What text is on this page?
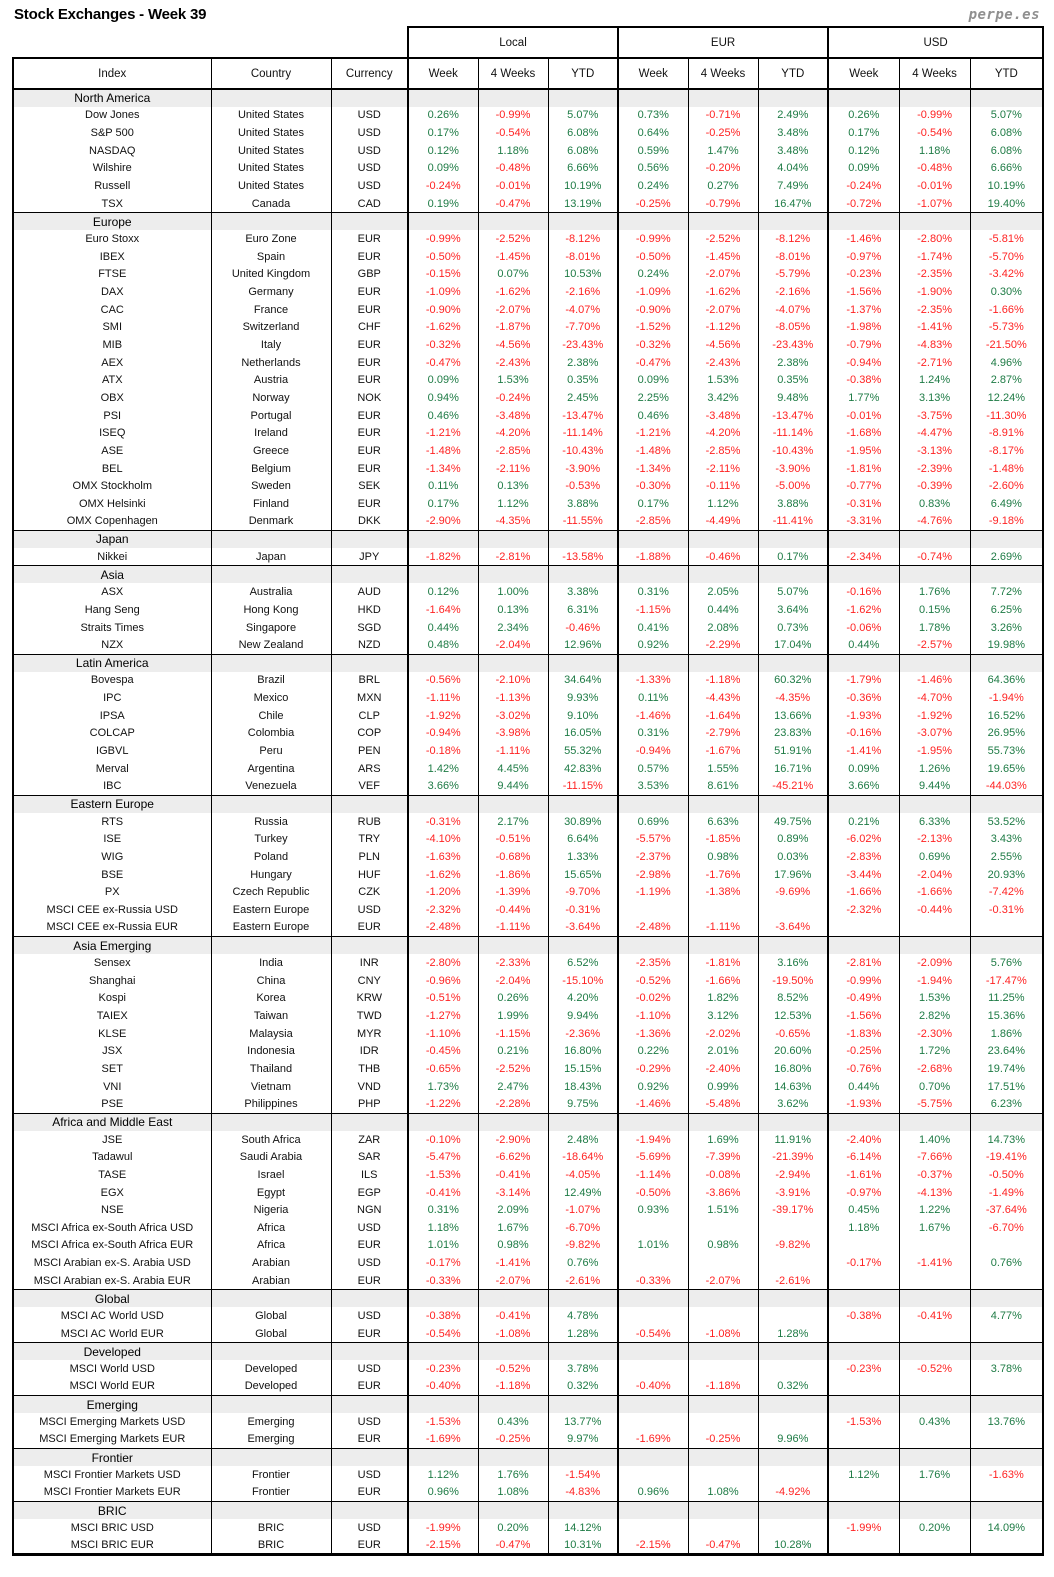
Stock Exchanges - Week 39	perpe.es
			Local			EUR			USD		
Index	Country	Currency	Week	4 Weeks	YTD	Week	4 Weeks	YTD	Week	4 Weeks	YTD
North America											
Dow Jones	United States	USD	0.26%	-0.99%	5.07%	0.73%	-0.71%	2.49%	0.26%	-0.99%	5.07%
S&P 500	United States	USD	0.17%	-0.54%	6.08%	0.64%	-0.25%	3.48%	0.17%	-0.54%	6.08%
NASDAQ	United States	USD	0.12%	1.18%	6.08%	0.59%	1.47%	3.48%	0.12%	1.18%	6.08%
Wilshire	United States	USD	0.09%	-0.48%	6.66%	0.56%	-0.20%	4.04%	0.09%	-0.48%	6.66%
Russell	United States	USD	-0.24%	-0.01%	10.19%	0.24%	0.27%	7.49%	-0.24%	-0.01%	10.19%
TSX	Canada	CAD	0.19%	-0.47%	13.19%	-0.25%	-0.79%	16.47%	-0.72%	-1.07%	19.40%
Europe											
Euro Stoxx	Euro Zone	EUR	-0.99%	-2.52%	-8.12%	-0.99%	-2.52%	-8.12%	-1.46%	-2.80%	-5.81%
IBEX	Spain	EUR	-0.50%	-1.45%	-8.01%	-0.50%	-1.45%	-8.01%	-0.97%	-1.74%	-5.70%
FTSE	United Kingdom	GBP	-0.15%	0.07%	10.53%	0.24%	-2.07%	-5.79%	-0.23%	-2.35%	-3.42%
DAX	Germany	EUR	-1.09%	-1.62%	-2.16%	-1.09%	-1.62%	-2.16%	-1.56%	-1.90%	0.30%
CAC	France	EUR	-0.90%	-2.07%	-4.07%	-0.90%	-2.07%	-4.07%	-1.37%	-2.35%	-1.66%
SMI	Switzerland	CHF	-1.62%	-1.87%	-7.70%	-1.52%	-1.12%	-8.05%	-1.98%	-1.41%	-5.73%
MIB	Italy	EUR	-0.32%	-4.56%	-23.43%	-0.32%	-4.56%	-23.43%	-0.79%	-4.83%	-21.50%
AEX	Netherlands	EUR	-0.47%	-2.43%	2.38%	-0.47%	-2.43%	2.38%	-0.94%	-2.71%	4.96%
ATX	Austria	EUR	0.09%	1.53%	0.35%	0.09%	1.53%	0.35%	-0.38%	1.24%	2.87%
OBX	Norway	NOK	0.94%	-0.24%	2.45%	2.25%	3.42%	9.48%	1.77%	3.13%	12.24%
PSI	Portugal	EUR	0.46%	-3.48%	-13.47%	0.46%	-3.48%	-13.47%	-0.01%	-3.75%	-11.30%
ISEQ	Ireland	EUR	-1.21%	-4.20%	-11.14%	-1.21%	-4.20%	-11.14%	-1.68%	-4.47%	-8.91%
ASE	Greece	EUR	-1.48%	-2.85%	-10.43%	-1.48%	-2.85%	-10.43%	-1.95%	-3.13%	-8.17%
BEL	Belgium	EUR	-1.34%	-2.11%	-3.90%	-1.34%	-2.11%	-3.90%	-1.81%	-2.39%	-1.48%
OMX Stockholm	Sweden	SEK	0.11%	0.13%	-0.53%	-0.30%	-0.11%	-5.00%	-0.77%	-0.39%	-2.60%
OMX Helsinki	Finland	EUR	0.17%	1.12%	3.88%	0.17%	1.12%	3.88%	-0.31%	0.83%	6.49%
OMX Copenhagen	Denmark	DKK	-2.90%	-4.35%	-11.55%	-2.85%	-4.49%	-11.41%	-3.31%	-4.76%	-9.18%
Japan											
Nikkei	Japan	JPY	-1.82%	-2.81%	-13.58%	-1.88%	-0.46%	0.17%	-2.34%	-0.74%	2.69%
Asia											
ASX	Australia	AUD	0.12%	1.00%	3.38%	0.31%	2.05%	5.07%	-0.16%	1.76%	7.72%
Hang Seng	Hong Kong	HKD	-1.64%	0.13%	6.31%	-1.15%	0.44%	3.64%	-1.62%	0.15%	6.25%
Straits Times	Singapore	SGD	0.44%	2.34%	-0.46%	0.41%	2.08%	0.73%	-0.06%	1.78%	3.26%
NZX	New Zealand	NZD	0.48%	-2.04%	12.96%	0.92%	-2.29%	17.04%	0.44%	-2.57%	19.98%
Latin America											
Bovespa	Brazil	BRL	-0.56%	-2.10%	34.64%	-1.33%	-1.18%	60.32%	-1.79%	-1.46%	64.36%
IPC	Mexico	MXN	-1.11%	-1.13%	9.93%	0.11%	-4.43%	-4.35%	-0.36%	-4.70%	-1.94%
IPSA	Chile	CLP	-1.92%	-3.02%	9.10%	-1.46%	-1.64%	13.66%	-1.93%	-1.92%	16.52%
COLCAP	Colombia	COP	-0.94%	-3.98%	16.05%	0.31%	-2.79%	23.83%	-0.16%	-3.07%	26.95%
IGBVL	Peru	PEN	-0.18%	-1.11%	55.32%	-0.94%	-1.67%	51.91%	-1.41%	-1.95%	55.73%
Merval	Argentina	ARS	1.42%	4.45%	42.83%	0.57%	1.55%	16.71%	0.09%	1.26%	19.65%
IBC	Venezuela	VEF	3.66%	9.44%	-11.15%	3.53%	8.61%	-45.21%	3.66%	9.44%	-44.03%
Eastern Europe											
RTS	Russia	RUB	-0.31%	2.17%	30.89%	0.69%	6.63%	49.75%	0.21%	6.33%	53.52%
ISE	Turkey	TRY	-4.10%	-0.51%	6.64%	-5.57%	-1.85%	0.89%	-6.02%	-2.13%	3.43%
WIG	Poland	PLN	-1.63%	-0.68%	1.33%	-2.37%	0.98%	0.03%	-2.83%	0.69%	2.55%
BSE	Hungary	HUF	-1.62%	-1.86%	15.65%	-2.98%	-1.76%	17.96%	-3.44%	-2.04%	20.93%
PX	Czech Republic	CZK	-1.20%	-1.39%	-9.70%	-1.19%	-1.38%	-9.69%	-1.66%	-1.66%	-7.42%
MSCI CEE ex-Russia USD	Eastern Europe	USD	-2.32%	-0.44%	-0.31%				-2.32%	-0.44%	-0.31%
MSCI CEE ex-Russia EUR	Eastern Europe	EUR	-2.48%	-1.11%	-3.64%	-2.48%	-1.11%	-3.64%			
Asia Emerging											
Sensex	India	INR	-2.80%	-2.33%	6.52%	-2.35%	-1.81%	3.16%	-2.81%	-2.09%	5.76%
Shanghai	China	CNY	-0.96%	-2.04%	-15.10%	-0.52%	-1.66%	-19.50%	-0.99%	-1.94%	-17.47%
Kospi	Korea	KRW	-0.51%	0.26%	4.20%	-0.02%	1.82%	8.52%	-0.49%	1.53%	11.25%
TAIEX	Taiwan	TWD	-1.27%	1.99%	9.94%	-1.10%	3.12%	12.53%	-1.56%	2.82%	15.36%
KLSE	Malaysia	MYR	-1.10%	-1.15%	-2.36%	-1.36%	-2.02%	-0.65%	-1.83%	-2.30%	1.86%
JSX	Indonesia	IDR	-0.45%	0.21%	16.80%	0.22%	2.01%	20.60%	-0.25%	1.72%	23.64%
SET	Thailand	THB	-0.65%	-2.52%	15.15%	-0.29%	-2.40%	16.80%	-0.76%	-2.68%	19.74%
VNI	Vietnam	VND	1.73%	2.47%	18.43%	0.92%	0.99%	14.63%	0.44%	0.70%	17.51%
PSE	Philippines	PHP	-1.22%	-2.28%	9.75%	-1.46%	-5.48%	3.62%	-1.93%	-5.75%	6.23%
Africa and Middle East											
JSE	South Africa	ZAR	-0.10%	-2.90%	2.48%	-1.94%	1.69%	11.91%	-2.40%	1.40%	14.73%
Tadawul	Saudi Arabia	SAR	-5.47%	-6.62%	-18.64%	-5.69%	-7.39%	-21.39%	-6.14%	-7.66%	-19.41%
TASE	Israel	ILS	-1.53%	-0.41%	-4.05%	-1.14%	-0.08%	-2.94%	-1.61%	-0.37%	-0.50%
EGX	Egypt	EGP	-0.41%	-3.14%	12.49%	-0.50%	-3.86%	-3.91%	-0.97%	-4.13%	-1.49%
NSE	Nigeria	NGN	0.31%	2.09%	-1.07%	0.93%	1.51%	-39.17%	0.45%	1.22%	-37.64%
MSCI Africa ex-South Africa USD	Africa	USD	1.18%	1.67%	-6.70%				1.18%	1.67%	-6.70%
MSCI Africa ex-South Africa EUR	Africa	EUR	1.01%	0.98%	-9.82%	1.01%	0.98%	-9.82%			
MSCI Arabian ex-S. Arabia USD	Arabian	USD	-0.17%	-1.41%	0.76%				-0.17%	-1.41%	0.76%
MSCI Arabian ex-S. Arabia EUR	Arabian	EUR	-0.33%	-2.07%	-2.61%	-0.33%	-2.07%	-2.61%			
Global											
MSCI AC World USD	Global	USD	-0.38%	-0.41%	4.78%				-0.38%	-0.41%	4.77%
MSCI AC World EUR	Global	EUR	-0.54%	-1.08%	1.28%	-0.54%	-1.08%	1.28%			
Developed											
MSCI World USD	Developed	USD	-0.23%	-0.52%	3.78%				-0.23%	-0.52%	3.78%
MSCI World EUR	Developed	EUR	-0.40%	-1.18%	0.32%	-0.40%	-1.18%	0.32%			
Emerging											
MSCI Emerging Markets USD	Emerging	USD	-1.53%	0.43%	13.77%				-1.53%	0.43%	13.76%
MSCI Emerging Markets EUR	Emerging	EUR	-1.69%	-0.25%	9.97%	-1.69%	-0.25%	9.96%			
Frontier											
MSCI Frontier Markets USD	Frontier	USD	1.12%	1.76%	-1.54%				1.12%	1.76%	-1.63%
MSCI Frontier Markets EUR	Frontier	EUR	0.96%	1.08%	-4.83%	0.96%	1.08%	-4.92%			
BRIC											
MSCI BRIC USD	BRIC	USD	-1.99%	0.20%	14.12%				-1.99%	0.20%	14.09%
MSCI BRIC EUR	BRIC	EUR	-2.15%	-0.47%	10.31%	-2.15%	-0.47%	10.28%			
